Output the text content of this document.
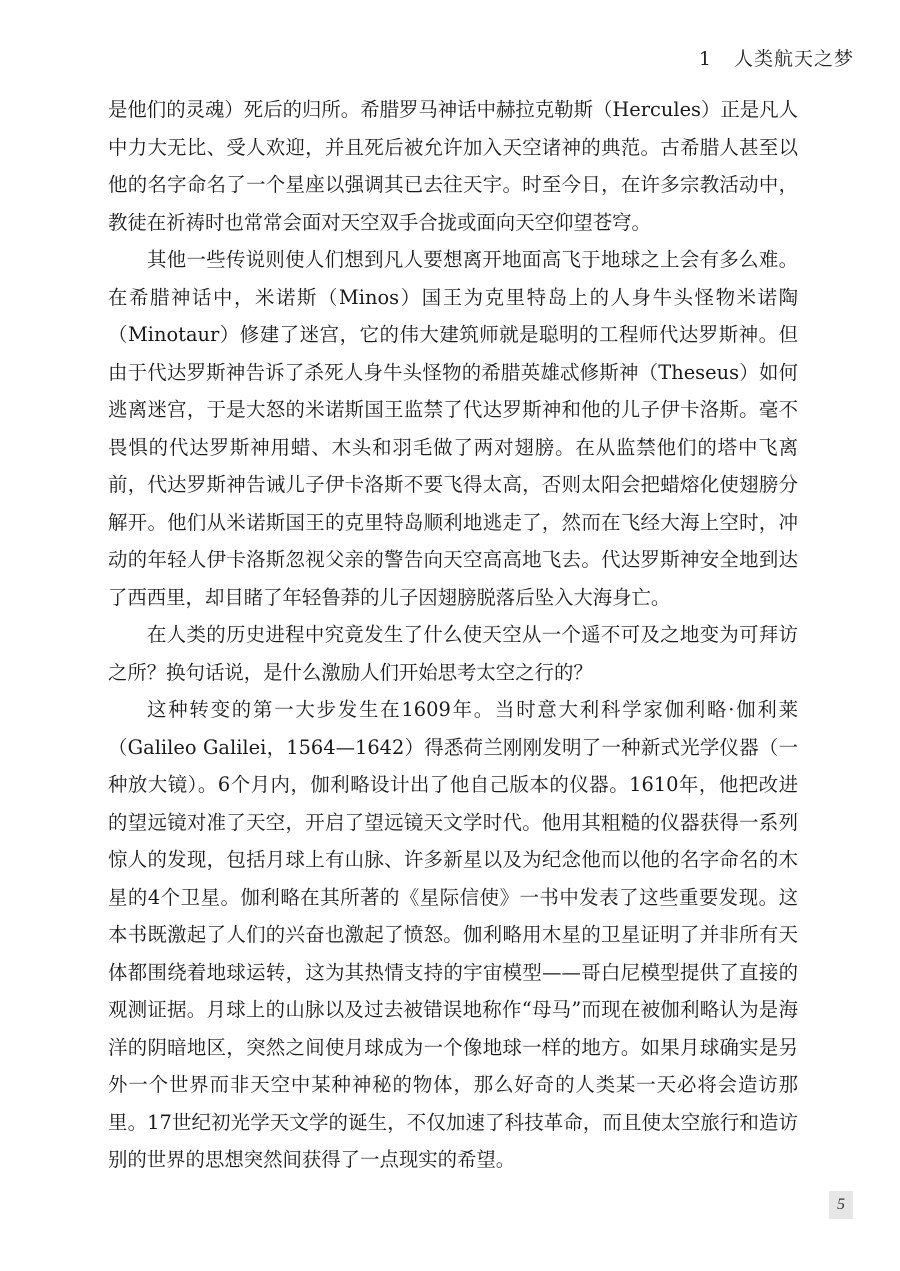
1 人类航天之梦

是他们的灵魂）死后的归所。希腊罗马神话中赫拉克勒斯（Hercules）正是凡人中力大无比、受人欢迎，并且死后被允许加入天空诸神的典范。古希腊人甚至以他的名字命名了一个星座以强调其已去往天宇。时至今日，在许多宗教活动中，教徒在祈祷时也常常会面对天空双手合拢或面向天空仰望苍穹。

其他一些传说则使人们想到凡人要想离开地面高飞于地球之上会有多么难。在希腊神话中，米诺斯（Minos）国王为克里特岛上的人身牛头怪物米诺陶（Minotaur）修建了迷宫，它的伟大建筑师就是聪明的工程师代达罗斯神。但由于代达罗斯神告诉了杀死人身牛头怪物的希腊英雄忒修斯神（Theseus）如何逃离迷宫，于是大怒的米诺斯国王监禁了代达罗斯神和他的儿子伊卡洛斯。毫不畏惧的代达罗斯神用蜡、木头和羽毛做了两对翅膀。在从监禁他们的塔中飞离前，代达罗斯神告诫儿子伊卡洛斯不要飞得太高，否则太阳会把蜡熔化使翅膀分解开。他们从米诺斯国王的克里特岛顺利地逃走了，然而在飞经大海上空时，冲动的年轻人伊卡洛斯忽视父亲的警告向天空高高地飞去。代达罗斯神安全地到达了西西里，却目睹了年轻鲁莽的儿子因翅膀脱落后坠入大海身亡。

在人类的历史进程中究竟发生了什么使天空从一个遥不可及之地变为可拜访之所？换句话说，是什么激励人们开始思考太空之行的？

这种转变的第一大步发生在1609年。当时意大利科学家伽利略·伽利莱（Galileo Galilei，1564—1642）得悉荷兰刚刚发明了一种新式光学仪器（一种放大镜）。6个月内，伽利略设计出了他自己版本的仪器。1610年，他把改进的望远镜对准了天空，开启了望远镜天文学时代。他用其粗糙的仪器获得一系列惊人的发现，包括月球上有山脉、许多新星以及为纪念他而以他的名字命名的木星的4个卫星。伽利略在其所著的《星际信使》一书中发表了这些重要发现。这本书既激起了人们的兴奋也激起了愤怒。伽利略用木星的卫星证明了并非所有天体都围绕着地球运转，这为其热情支持的宇宙模型——哥白尼模型提供了直接的观测证据。月球上的山脉以及过去被错误地称作“母马”而现在被伽利略认为是海洋的阴暗地区，突然之间使月球成为一个像地球一样的地方。如果月球确实是另外一个世界而非天空中某种神秘的物体，那么好奇的人类某一天必将会造访那里。17世纪初光学天文学的诞生，不仅加速了科技革命，而且使太空旅行和造访别的世界的思想突然间获得了一点现实的希望。

5
